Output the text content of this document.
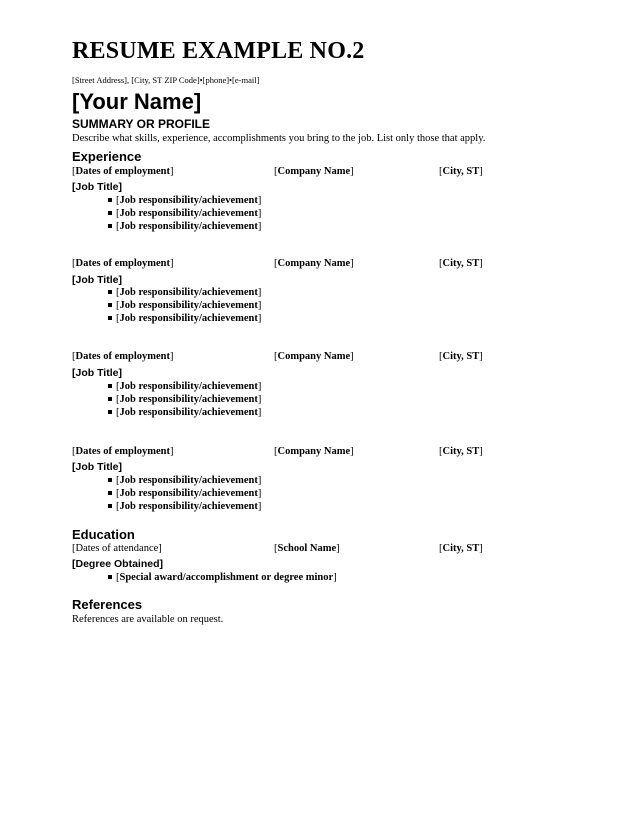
RESUME EXAMPLE NO.2
[Street Address], [City, ST ZIP Code]•[phone]•[e-mail]
[Your Name]
SUMMARY OR PROFILE
Describe what skills, experience, accomplishments you bring to the job. List only those that apply.
Experience
[Dates of employment]	[Company Name]	[City, ST]
[Job Title]
[Job responsibility/achievement]
[Job responsibility/achievement]
[Job responsibility/achievement]
[Dates of employment]	[Company Name]	[City, ST]
[Job Title]
[Job responsibility/achievement]
[Job responsibility/achievement]
[Job responsibility/achievement]
[Dates of employment]	[Company Name]	[City, ST]
[Job Title]
[Job responsibility/achievement]
[Job responsibility/achievement]
[Job responsibility/achievement]
[Dates of employment]	[Company Name]	[City, ST]
[Job Title]
[Job responsibility/achievement]
[Job responsibility/achievement]
[Job responsibility/achievement]
Education
[Dates of attendance]	[School Name]	[City, ST]
[Degree Obtained]
[Special award/accomplishment or degree minor]
References
References are available on request.
